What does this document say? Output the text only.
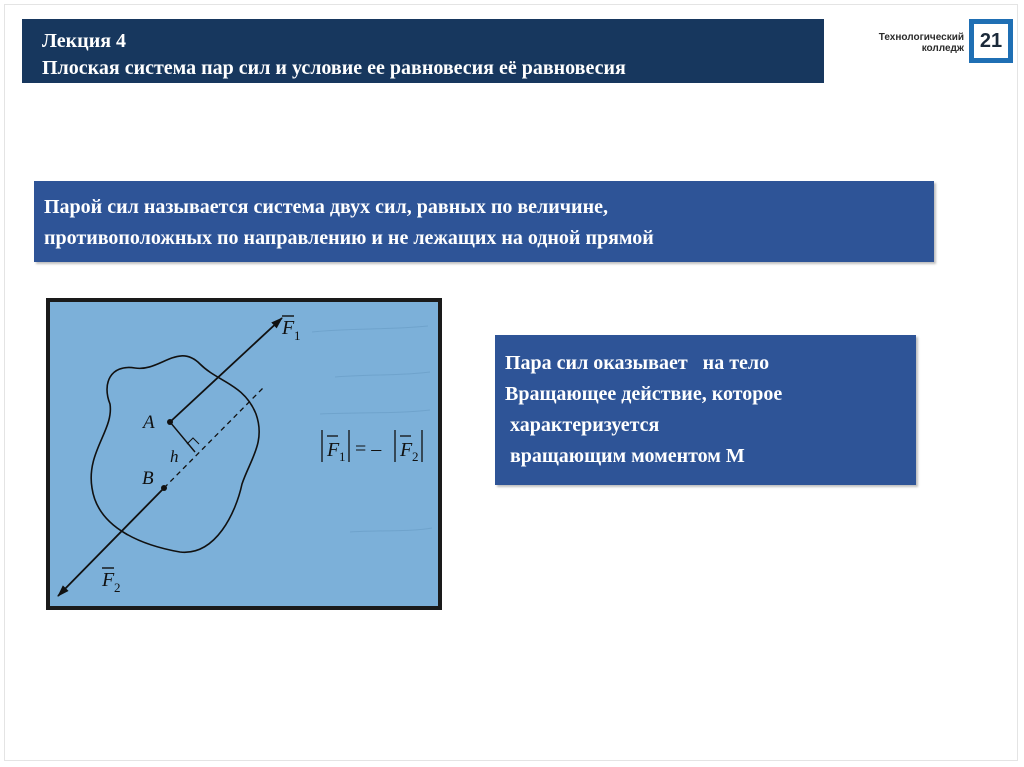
Лекция 4
Плоская система пар сил и условие ее равновесия её равновесия
Технологический
колледж 21
Парой сил называется система двух сил, равных по величине,
противоположных по направлению и не лежащих на одной прямой
A
B
h
F 1
F 2
F 1 = – F 2
Пара сил оказывает   на тело
Вращающее действие, которое
характеризуется
вращающим моментом М
